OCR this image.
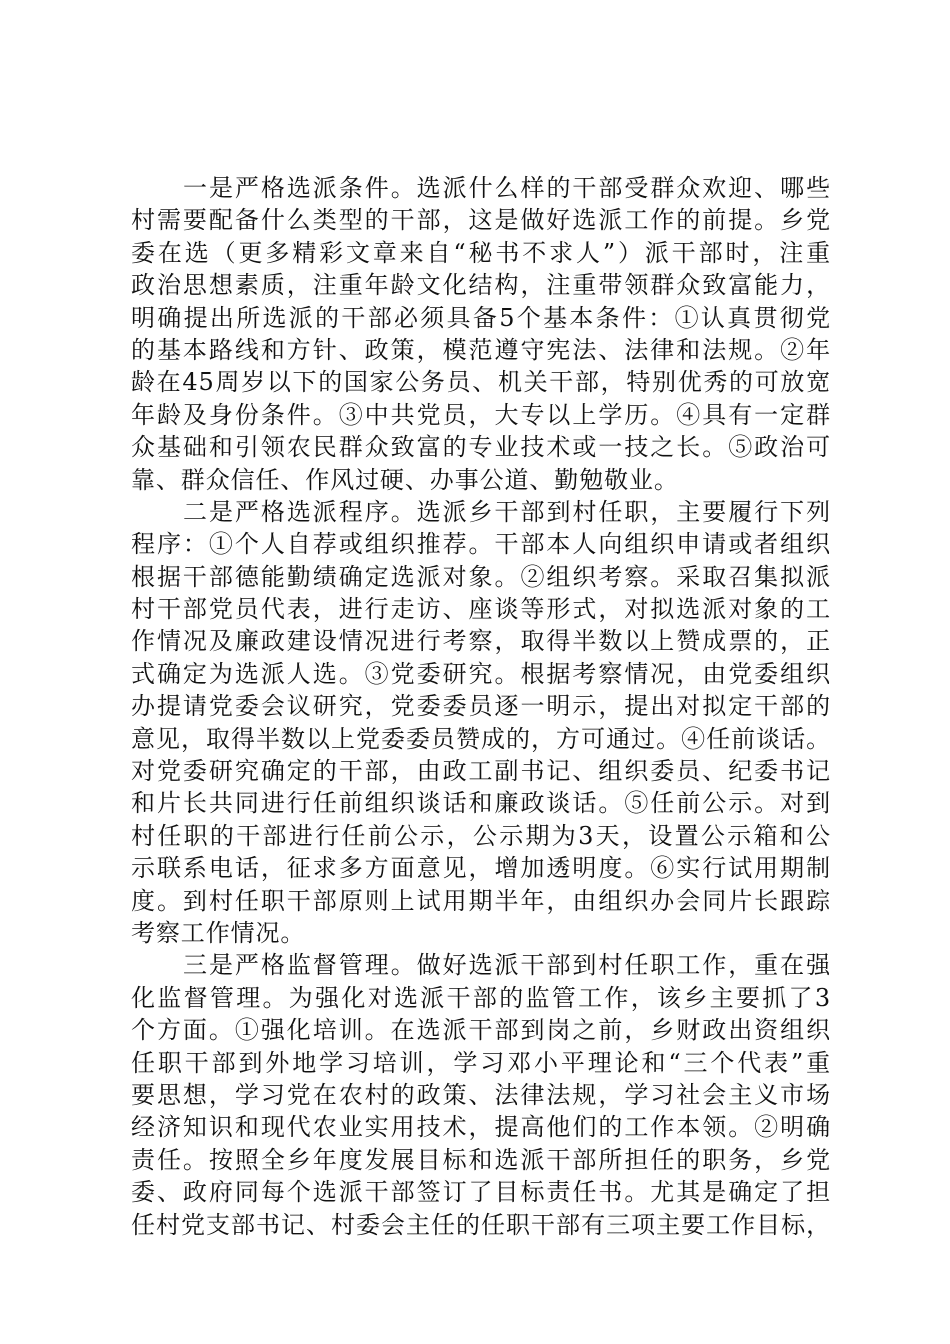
一是严格选派条件。选派什么样的干部受群众欢迎、哪些
村需要配备什么类型的干部，这是做好选派工作的前提。乡党
委在选（更多精彩文章来自“秘书不求人”）派干部时，注重
政治思想素质，注重年龄文化结构，注重带领群众致富能力，
明确提出所选派的干部必须具备5个基本条件：①认真贯彻党
的基本路线和方针、政策，模范遵守宪法、法律和法规。②年
龄在45周岁以下的国家公务员、机关干部，特别优秀的可放宽
年龄及身份条件。③中共党员，大专以上学历。④具有一定群
众基础和引领农民群众致富的专业技术或一技之长。⑤政治可
靠、群众信任、作风过硬、办事公道、勤勉敬业。
二是严格选派程序。选派乡干部到村任职，主要履行下列
程序：①个人自荐或组织推荐。干部本人向组织申请或者组织
根据干部德能勤绩确定选派对象。②组织考察。采取召集拟派
村干部党员代表，进行走访、座谈等形式，对拟选派对象的工
作情况及廉政建设情况进行考察，取得半数以上赞成票的，正
式确定为选派人选。③党委研究。根据考察情况，由党委组织
办提请党委会议研究，党委委员逐一明示，提出对拟定干部的
意见，取得半数以上党委委员赞成的，方可通过。④任前谈话。
对党委研究确定的干部，由政工副书记、组织委员、纪委书记
和片长共同进行任前组织谈话和廉政谈话。⑤任前公示。对到
村任职的干部进行任前公示，公示期为3天，设置公示箱和公
示联系电话，征求多方面意见，增加透明度。⑥实行试用期制
度。到村任职干部原则上试用期半年，由组织办会同片长跟踪
考察工作情况。
三是严格监督管理。做好选派干部到村任职工作，重在强
化监督管理。为强化对选派干部的监管工作，该乡主要抓了3
个方面。①强化培训。在选派干部到岗之前，乡财政出资组织
任职干部到外地学习培训，学习邓小平理论和“三个代表”重
要思想，学习党在农村的政策、法律法规，学习社会主义市场
经济知识和现代农业实用技术，提高他们的工作本领。②明确
责任。按照全乡年度发展目标和选派干部所担任的职务，乡党
委、政府同每个选派干部签订了目标责任书。尤其是确定了担
任村党支部书记、村委会主任的任职干部有三项主要工作目标，
